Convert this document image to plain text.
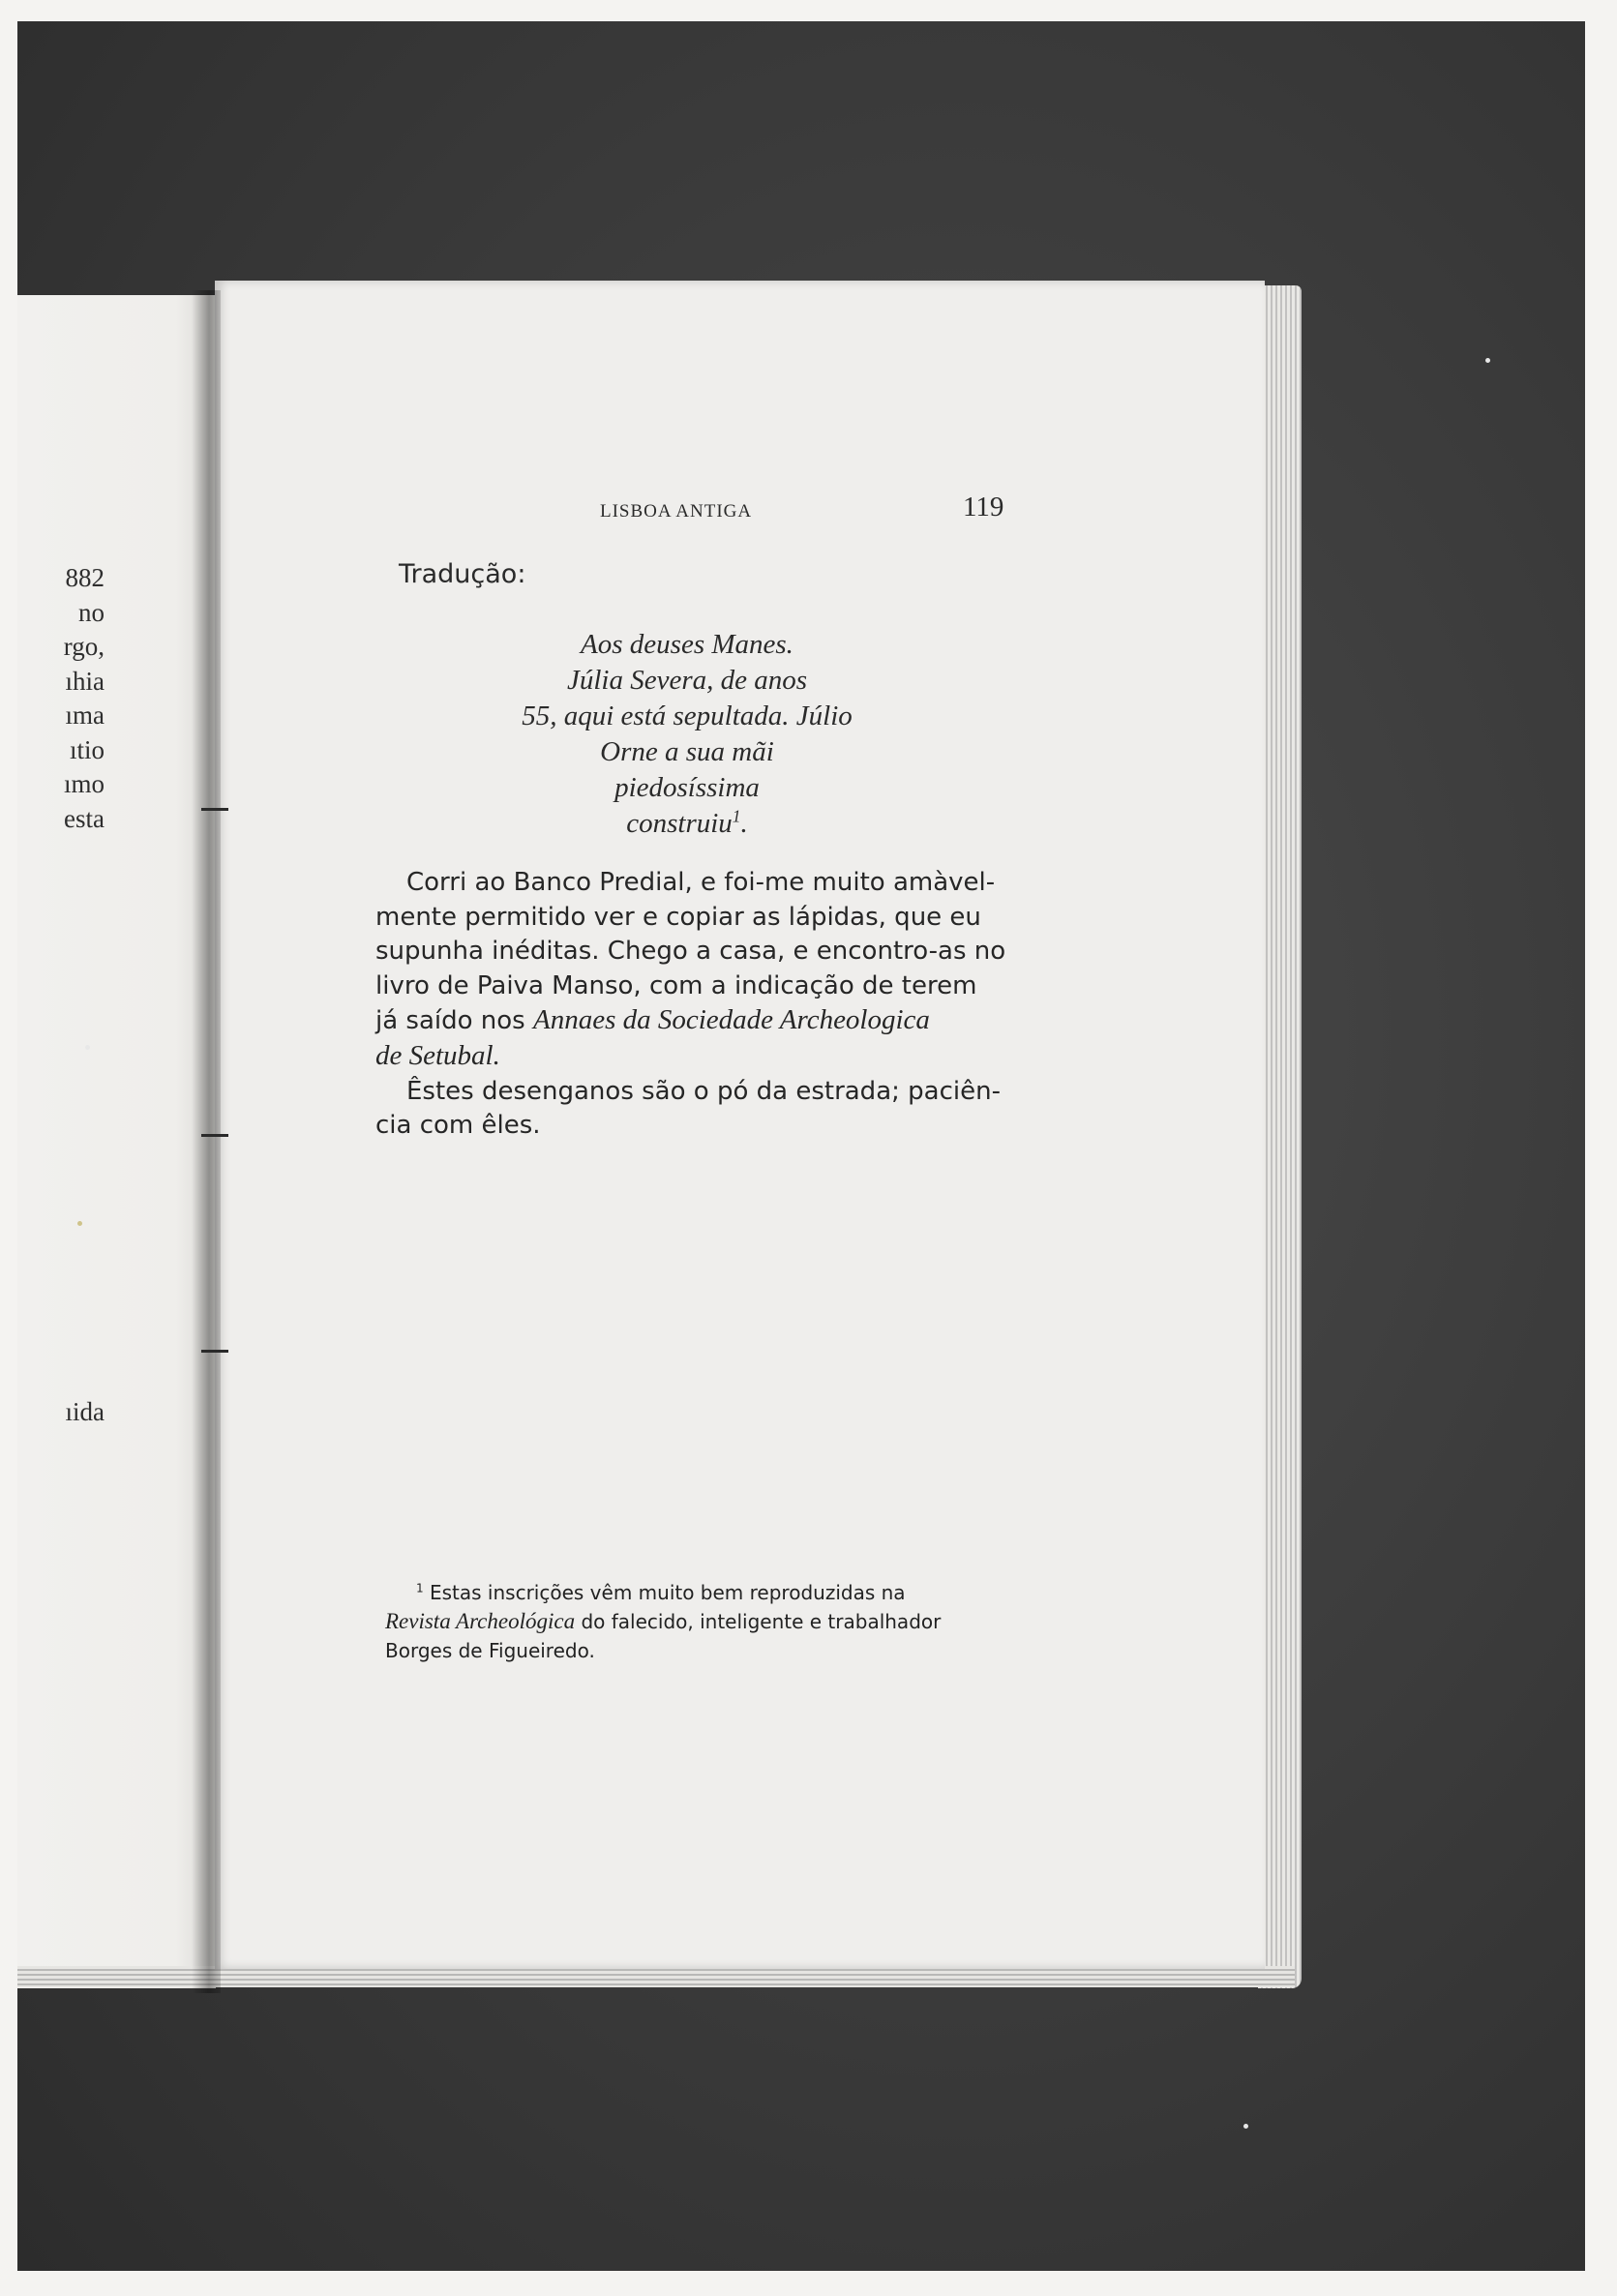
882
no
rgo,
ıhia
ıma
ıtio
ımo
esta
ıida
LISBOA ANTIGA	119
Tradução:
Aos deuses Manes.
Júlia Severa, de anos
55, aqui está sepultada. Júlio
Orne a sua mãi
piedosíssima
construiu$^1$.
Corri ao Banco Predial, e foi-me muito amàvel-
mente permitido ver e copiar as lápidas, que eu
supunha inéditas. Chego a casa, e encontro-as no
livro de Paiva Manso, com a indicação de terem
já saído nos Annaes da Sociedade Archeologica
de Setubal.
Êstes desenganos são o pó da estrada; paciên-
cia com êles.
$^1$ Estas inscrições vêm muito bem reproduzidas na
Revista Archeológica do falecido, inteligente e trabalhador
Borges de Figueiredo.
